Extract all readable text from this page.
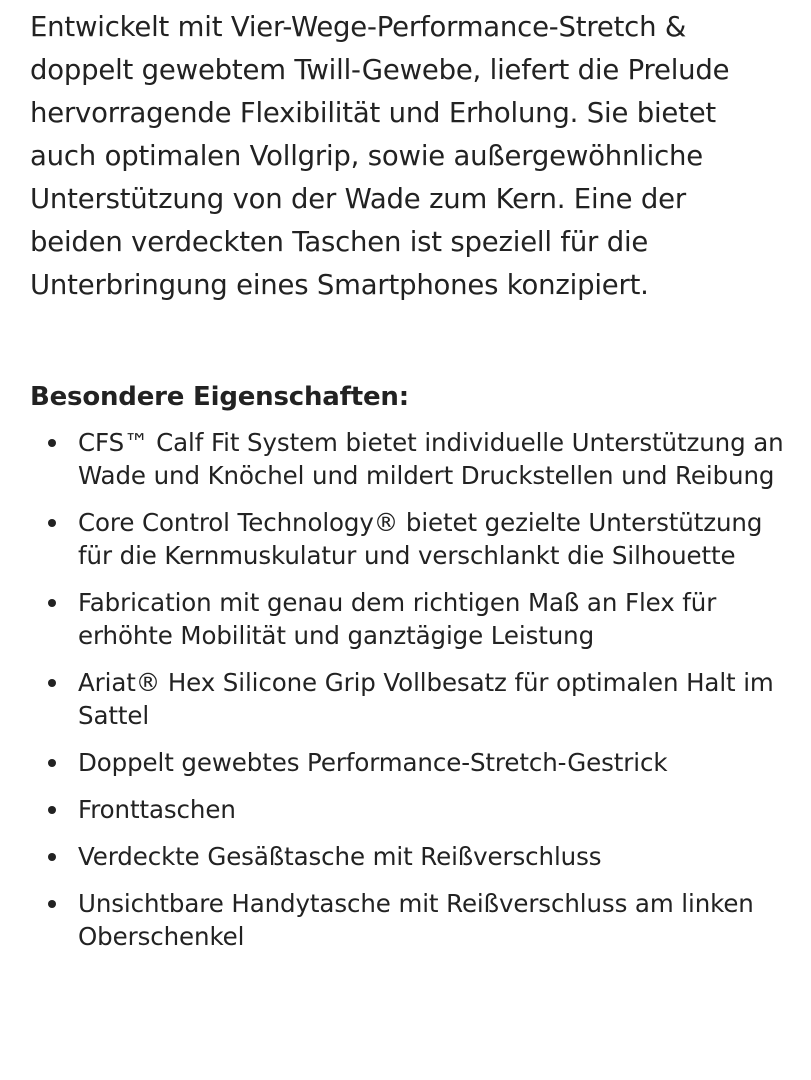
Entwickelt mit Vier-Wege-Performance-Stretch & doppelt gewebtem Twill-Gewebe, liefert die Prelude hervorragende Flexibilität und Erholung. Sie bietet auch optimalen Vollgrip, sowie außergewöhnliche Unterstützung von der Wade zum Kern. Eine der beiden verdeckten Taschen ist speziell für die Unterbringung eines Smartphones konzipiert.

Besondere Eigenschaften:
CFS™ Calf Fit System bietet individuelle Unterstützung an Wade und Knöchel und mildert Druckstellen und Reibung
Core Control Technology® bietet gezielte Unterstützung für die Kernmuskulatur und verschlankt die Silhouette
Fabrication mit genau dem richtigen Maß an Flex für erhöhte Mobilität und ganztägige Leistung
Ariat® Hex Silicone Grip Vollbesatz für optimalen Halt im Sattel
Doppelt gewebtes Performance-Stretch-Gestrick
Fronttaschen
Verdeckte Gesäßtasche mit Reißverschluss
Unsichtbare Handytasche mit Reißverschluss am linken Oberschenkel
